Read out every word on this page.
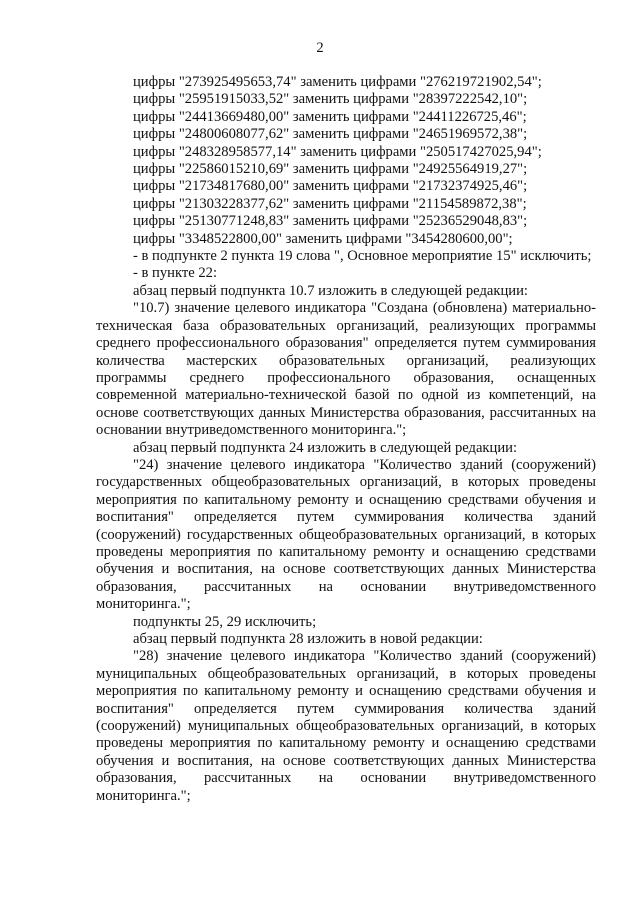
2

цифры "273925495653,74" заменить цифрами "276219721902,54";

цифры "25951915033,52" заменить цифрами "28397222542,10";

цифры "24413669480,00" заменить цифрами "24411226725,46";

цифры "24800608077,62" заменить цифрами "24651969572,38";

цифры "248328958577,14" заменить цифрами "250517427025,94";

цифры "22586015210,69" заменить цифрами "24925564919,27";

цифры "21734817680,00" заменить цифрами "21732374925,46";

цифры "21303228377,62" заменить цифрами "21154589872,38";

цифры "25130771248,83" заменить цифрами "25236529048,83";

цифры "3348522800,00" заменить цифрами "3454280600,00";

- в подпункте 2 пункта 19 слова ", Основное мероприятие 15" исключить;

- в пункте 22:

абзац первый подпункта 10.7 изложить в следующей редакции:

"10.7) значение целевого индикатора "Создана (обновлена) материально-техническая база образовательных организаций, реализующих программы среднего профессионального образования" определяется путем суммирования количества мастерских образовательных организаций, реализующих программы среднего профессионального образования, оснащенных современной материально-технической базой по одной из компетенций, на основе соответствующих данных Министерства образования, рассчитанных на основании внутриведомственного мониторинга.";

абзац первый подпункта 24 изложить в следующей редакции:

"24) значение целевого индикатора "Количество зданий (сооружений) государственных общеобразовательных организаций, в которых проведены мероприятия по капитальному ремонту и оснащению средствами обучения и воспитания" определяется путем суммирования количества зданий (сооружений) государственных общеобразовательных организаций, в которых проведены мероприятия по капитальному ремонту и оснащению средствами обучения и воспитания, на основе соответствующих данных Министерства образования, рассчитанных на основании внутриведомственного мониторинга.";

подпункты 25, 29 исключить;

абзац первый подпункта 28 изложить в новой редакции:

"28) значение целевого индикатора "Количество зданий (сооружений) муниципальных общеобразовательных организаций, в которых проведены мероприятия по капитальному ремонту и оснащению средствами обучения и воспитания" определяется путем суммирования количества зданий (сооружений) муниципальных общеобразовательных организаций, в которых проведены мероприятия по капитальному ремонту и оснащению средствами обучения и воспитания, на основе соответствующих данных Министерства образования, рассчитанных на основании внутриведомственного мониторинга.";
